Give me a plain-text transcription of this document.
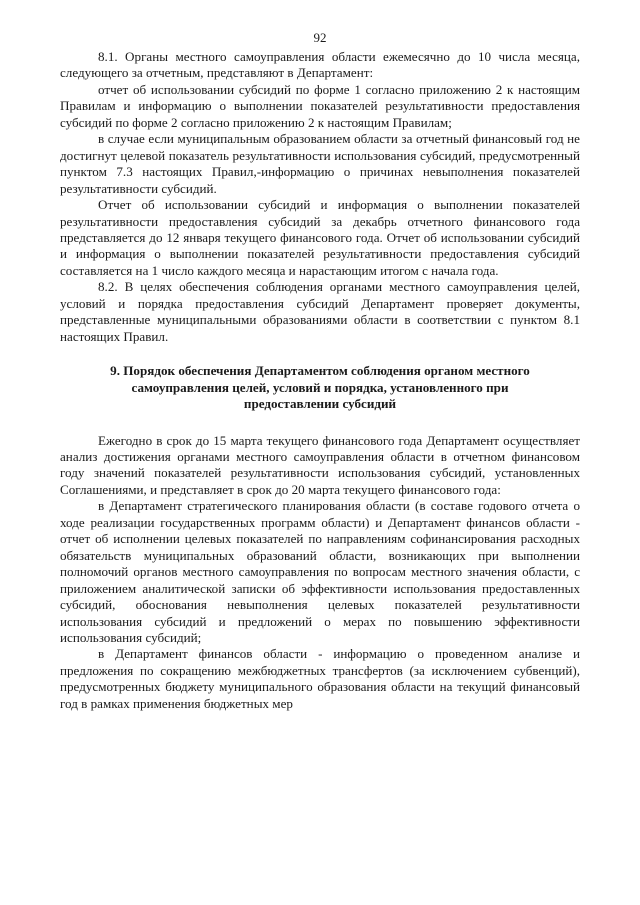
92

8.1. Органы местного самоуправления области ежемесячно до 10 числа месяца, следующего за отчетным, представляют в Департамент:

отчет об использовании субсидий по форме 1 согласно приложению 2 к настоящим Правилам и информацию о выполнении показателей результативности предоставления субсидий по форме 2 согласно приложению 2 к настоящим Правилам;

в случае если муниципальным образованием области за отчетный финансовый год не достигнут целевой показатель результативности использования субсидий, предусмотренный пунктом 7.3 настоящих Правил,-информацию о причинах невыполнения показателей результативности субсидий.

Отчет об использовании субсидий и информация о выполнении показателей результативности предоставления субсидий за декабрь отчетного финансового года представляется до 12 января текущего финансового года. Отчет об использовании субсидий и информация о выполнении показателей результативности предоставления субсидий составляется на 1 число каждого месяца и нарастающим итогом с начала года.

8.2. В целях обеспечения соблюдения органами местного самоуправления целей, условий и порядка предоставления субсидий Департамент проверяет документы, представленные муниципальными образованиями области в соответствии с пунктом 8.1 настоящих Правил.

9. Порядок обеспечения Департаментом соблюдения органом местного самоуправления целей, условий и порядка, установленного при предоставлении субсидий

Ежегодно в срок до 15 марта текущего финансового года Департамент осуществляет анализ достижения органами местного самоуправления области в отчетном финансовом году значений показателей результативности использования субсидий, установленных Соглашениями, и представляет в срок до 20 марта текущего финансового года:

в Департамент стратегического планирования области (в составе годового отчета о ходе реализации государственных программ области) и Департамент финансов области - отчет об исполнении целевых показателей по направлениям софинансирования расходных обязательств муниципальных образований области, возникающих при выполнении полномочий органов местного самоуправления по вопросам местного значения области, с приложением аналитической записки об эффективности использования предоставленных субсидий, обоснования невыполнения целевых показателей результативности использования субсидий и предложений о мерах по повышению эффективности использования субсидий;

в Департамент финансов области - информацию о проведенном анализе и предложения по сокращению межбюджетных трансфертов (за исключением субвенций), предусмотренных бюджету муниципального образования области на текущий финансовый год в рамках применения бюджетных мер
